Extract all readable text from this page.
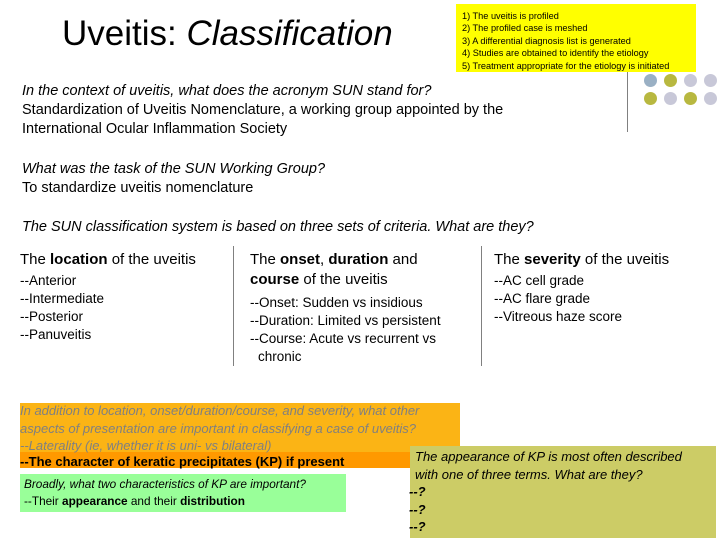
Uveitis: Classification	1) The uveitis is profiled
2) The profiled case is meshed
3) A differential diagnosis list is generated
4) Studies are obtained to identify the etiology
5) Treatment appropriate for the etiology is initiated
In the context of uveitis, what does the acronym SUN stand for?
Standardization of Uveitis Nomenclature, a working group appointed by the
International Ocular Inflammation Society
What was the task of the SUN Working Group?
To standardize uveitis nomenclature
The SUN classification system is based on three sets of criteria. What are they?
The location of the uveitis
--Anterior
--Intermediate
--Posterior
--Panuveitis
The onset, duration and
course of the uveitis
--Onset: Sudden vs insidious
--Duration: Limited vs persistent
--Course: Acute vs recurrent vs
chronic
The severity of the uveitis
--AC cell grade
--AC flare grade
--Vitreous haze score
In addition to location, onset/duration/course, and severity, what other
aspects of presentation are important in classifying a case of uveitis?
--Laterality (ie, whether it is uni- vs bilateral)
--The character of keratic precipitates (KP) if present
Broadly, what two characteristics of KP are important?
--Their appearance and their distribution
The appearance of KP is most often described
with one of three terms. What are they?
--?
--?
--?
